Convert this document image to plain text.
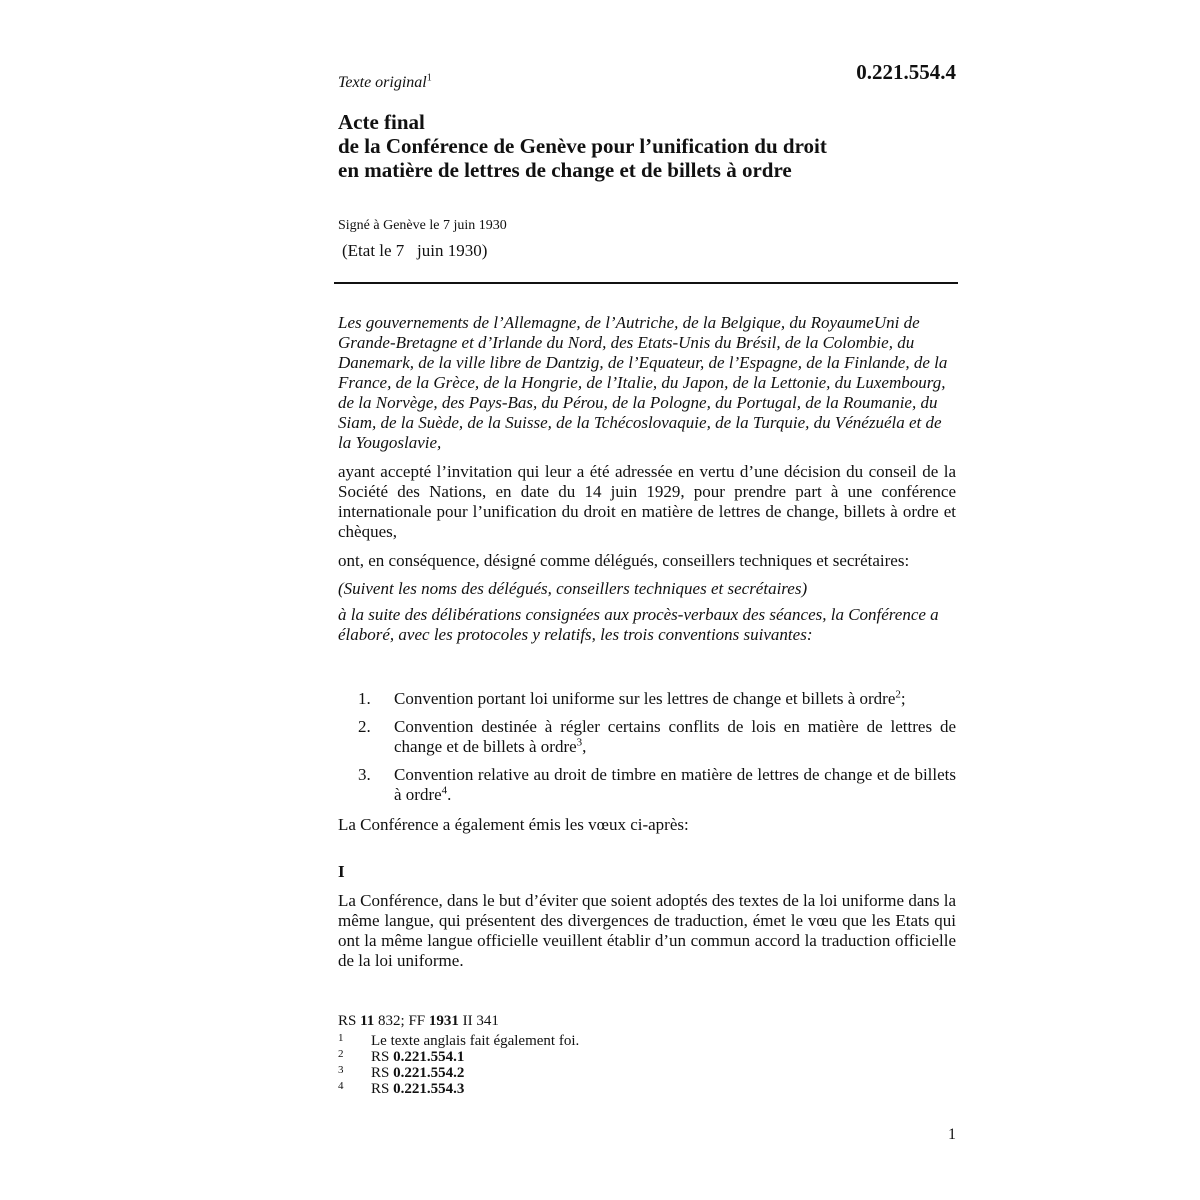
Texte original$^1$	0.221.554.4
Acte final
de la Conférence de Genève pour l’unification du droit
en matière de lettres de change et de billets à ordre
Signé à Genève le 7 juin 1930
(Etat le 7   juin 1930)

Les gouvernements de l’Allemagne, de l’Autriche, de la Belgique, du RoyaumeUni de Grande-Bretagne et d’Irlande du Nord, des Etats-Unis du Brésil, de la Colombie, du Danemark, de la ville libre de Dantzig, de l’Equateur, de l’Espagne, de la Finlande, de la France, de la Grèce, de la Hongrie, de l’Italie, du Japon, de la Lettonie, du Luxembourg, de la Norvège, des Pays-Bas, du Pérou, de la Pologne, du Portugal, de la Roumanie, du Siam, de la Suède, de la Suisse, de la Tchécoslovaquie, de la Turquie, du Vénézuéla et de la Yougoslavie,

ayant accepté l’invitation qui leur a été adressée en vertu d’une décision du conseil de la Société des Nations, en date du 14 juin 1929, pour prendre part à une conférence internationale pour l’unification du droit en matière de lettres de change, billets à ordre et chèques,

ont, en conséquence, désigné comme délégués, conseillers techniques et secrétaires:

(Suivent les noms des délégués, conseillers techniques et secrétaires)

à la suite des délibérations consignées aux procès-verbaux des séances, la Conférence a élaboré, avec les protocoles y relatifs, les trois conventions suivantes:

1. Convention portant loi uniforme sur les lettres de change et billets à ordre$^2$;
2. Convention destinée à régler certains conflits de lois en matière de lettres de change et de billets à ordre$^3$,
3. Convention relative au droit de timbre en matière de lettres de change et de billets à ordre$^4$.

La Conférence a également émis les vœux ci-après:

I

La Conférence, dans le but d’éviter que soient adoptés des textes de la loi uniforme dans la même langue, qui présentent des divergences de traduction, émet le vœu que les Etats qui ont la même langue officielle veuillent établir d’un commun accord la traduction officielle de la loi uniforme.

RS 11 832; FF 1931 II 341
1 Le texte anglais fait également foi.
2 RS 0.221.554.1
3 RS 0.221.554.2
4 RS 0.221.554.3
1
